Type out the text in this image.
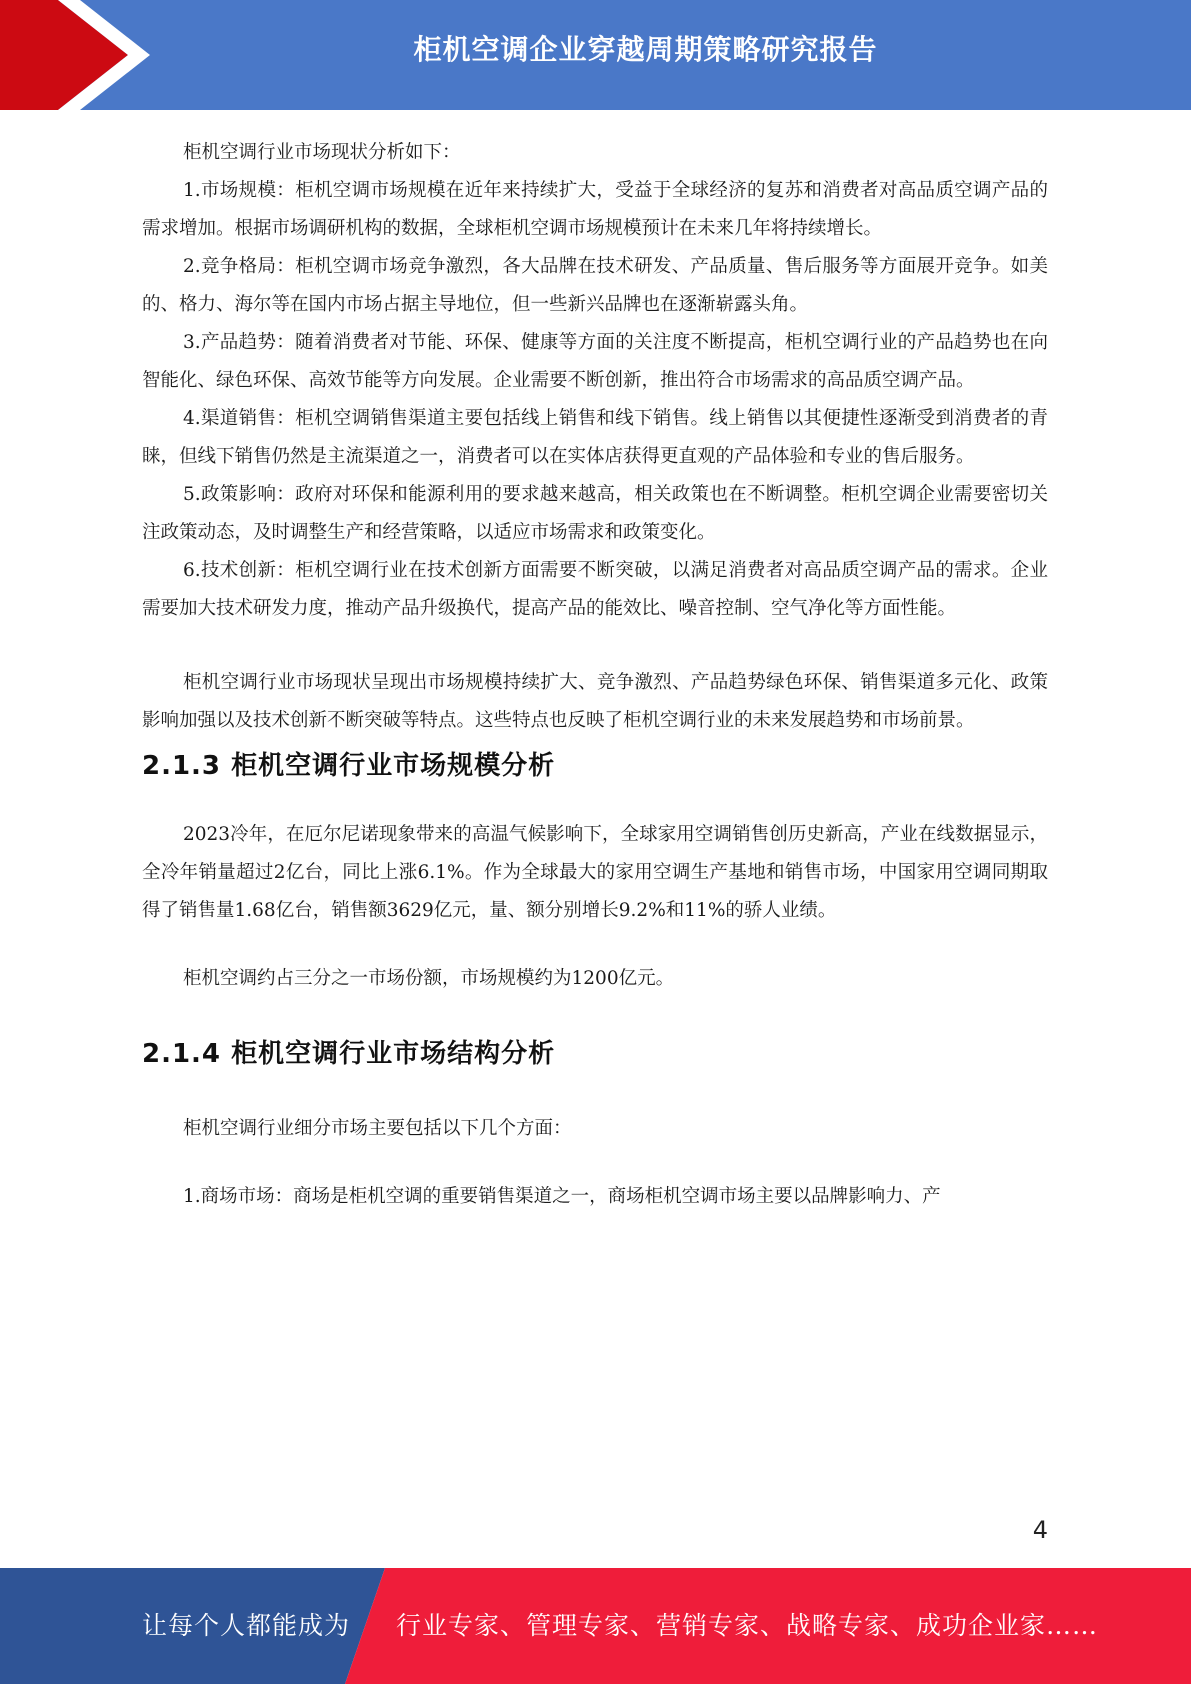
柜机空调企业穿越周期策略研究报告

柜机空调行业市场现状分析如下：

1.市场规模：柜机空调市场规模在近年来持续扩大，受益于全球经济的复苏和消费者对高品质空调产品的需求增加。根据市场调研机构的数据，全球柜机空调市场规模预计在未来几年将持续增长。

2.竞争格局：柜机空调市场竞争激烈，各大品牌在技术研发、产品质量、售后服务等方面展开竞争。如美的、格力、海尔等在国内市场占据主导地位，但一些新兴品牌也在逐渐崭露头角。

3.产品趋势：随着消费者对节能、环保、健康等方面的关注度不断提高，柜机空调行业的产品趋势也在向智能化、绿色环保、高效节能等方向发展。企业需要不断创新，推出符合市场需求的高品质空调产品。

4.渠道销售：柜机空调销售渠道主要包括线上销售和线下销售。线上销售以其便捷性逐渐受到消费者的青睐，但线下销售仍然是主流渠道之一，消费者可以在实体店获得更直观的产品体验和专业的售后服务。

5.政策影响：政府对环保和能源利用的要求越来越高，相关政策也在不断调整。柜机空调企业需要密切关注政策动态，及时调整生产和经营策略，以适应市场需求和政策变化。

6.技术创新：柜机空调行业在技术创新方面需要不断突破，以满足消费者对高品质空调产品的需求。企业需要加大技术研发力度，推动产品升级换代，提高产品的能效比、噪音控制、空气净化等方面性能。

柜机空调行业市场现状呈现出市场规模持续扩大、竞争激烈、产品趋势绿色环保、销售渠道多元化、政策影响加强以及技术创新不断突破等特点。这些特点也反映了柜机空调行业的未来发展趋势和市场前景。

2.1.3 柜机空调行业市场规模分析

2023冷年，在厄尔尼诺现象带来的高温气候影响下，全球家用空调销售创历史新高，产业在线数据显示，全冷年销量超过2亿台，同比上涨6.1%。作为全球最大的家用空调生产基地和销售市场，中国家用空调同期取得了销售量1.68亿台，销售额3629亿元，量、额分别增长9.2%和11%的骄人业绩。

柜机空调约占三分之一市场份额，市场规模约为1200亿元。

2.1.4 柜机空调行业市场结构分析

柜机空调行业细分市场主要包括以下几个方面：

1.商场市场：商场是柜机空调的重要销售渠道之一，商场柜机空调市场主要以品牌影响力、产

4
让每个人都能成为 行业专家、管理专家、营销专家、战略专家、成功企业家……
